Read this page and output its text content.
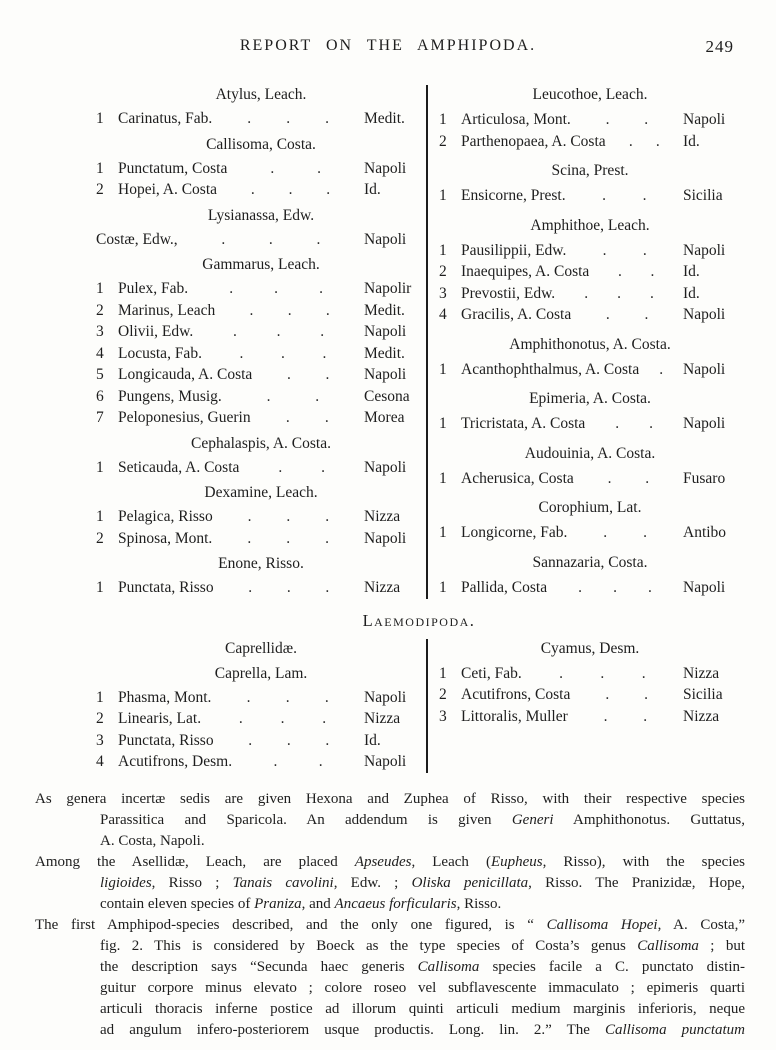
REPORT ON THE AMPHIPODA.	249
Atylus, Leach.
1 Carinatus, Fab. . . . Medit.
Callisoma, Costa.
1 Punctatum, Costa	.	.	Napoli
2 Hopei, A. Costa . . . Id.
Lysianassa, Edw.
Costæ, Edw.,	.	.	.	Napoli
Gammarus, Leach.
1 Pulex, Fab.	.	.	.	Napolir
2 Marinus, Leach . . . Medit.
3 Olivii, Edw.	.	.	.	Napoli
4 Locusta, Fab. . . . Medit.
5 Longicauda, A. Costa . . Napoli
6 Pungens, Musig.	.	.	Cesona
7 Peloponesius, Guerin . . Morea
Cephalaspis, A. Costa.
1 Seticauda, A. Costa	.	.	Napoli
Dexamine, Leach.
1 Pelagica, Risso . . . Nizza
2 Spinosa, Mont. . . . Napoli
Enone, Risso.
1 Punctata, Risso . . . Nizza
Leucothoe, Leach.
1 Articulosa, Mont. . . Napoli
2 Parthenopaea, A. Costa . . Id.
Scina, Prest.
1 Ensicorne, Prest. . . Sicilia
Amphithoe, Leach.
1 Pausilippii, Edw. . . Napoli
2 Inaequipes, A. Costa . . Id.
3 Prevostii, Edw. . . . Id.
4 Gracilis, A. Costa . . Napoli
Amphithonotus, A. Costa.
1 Acanthophthalmus, A. Costa . Napoli
Epimeria, A. Costa.
1 Tricristata, A. Costa . . Napoli
Audouinia, A. Costa.
1 Acherusica, Costa . . Fusaro
Corophium, Lat.
1 Longicorne, Fab. . . Antibo
Sannazaria, Costa.
1 Pallida, Costa . . . Napoli
Laemodipoda.
Caprellidæ.
Caprella, Lam.
1 Phasma, Mont. . . . Napoli
2 Linearis, Lat. . . . Nizza
3 Punctata, Risso . . . Id.
4 Acutifrons, Desm.	.	.	Napoli
Cyamus, Desm.
1 Ceti, Fab. . . . Nizza
2 Acutifrons, Costa . . Sicilia
3 Littoralis, Muller . . Nizza
As genera incertæ sedis are given Hexona and Zuphea of Risso, with their respective species
Parassitica and Sparicola. An addendum is given Generi Amphithonotus. Guttatus,
A. Costa, Napoli.
Among the Asellidæ, Leach, are placed Apseudes, Leach (Eupheus, Risso), with the species
ligioides, Risso ; Tanais cavolini, Edw. ; Oliska penicillata, Risso. The Pranizidæ, Hope,
contain eleven species of Praniza, and Ancaeus forficularis, Risso.
The first Amphipod-species described, and the only one figured, is “ Callisoma Hopei, A. Costa,”
fig. 2. This is considered by Boeck as the type species of Costa’s genus Callisoma ; but
the description says “Secunda haec generis Callisoma species facile a C. punctato distin-
guitur corpore minus elevato ; colore roseo vel subflavescente immaculato ; epimeris quarti
articuli thoracis inferne postice ad illorum quinti articuli medium marginis inferioris, neque
ad angulum infero-posteriorem usque productis. Long. lin. 2.” The Callisoma punctatum
